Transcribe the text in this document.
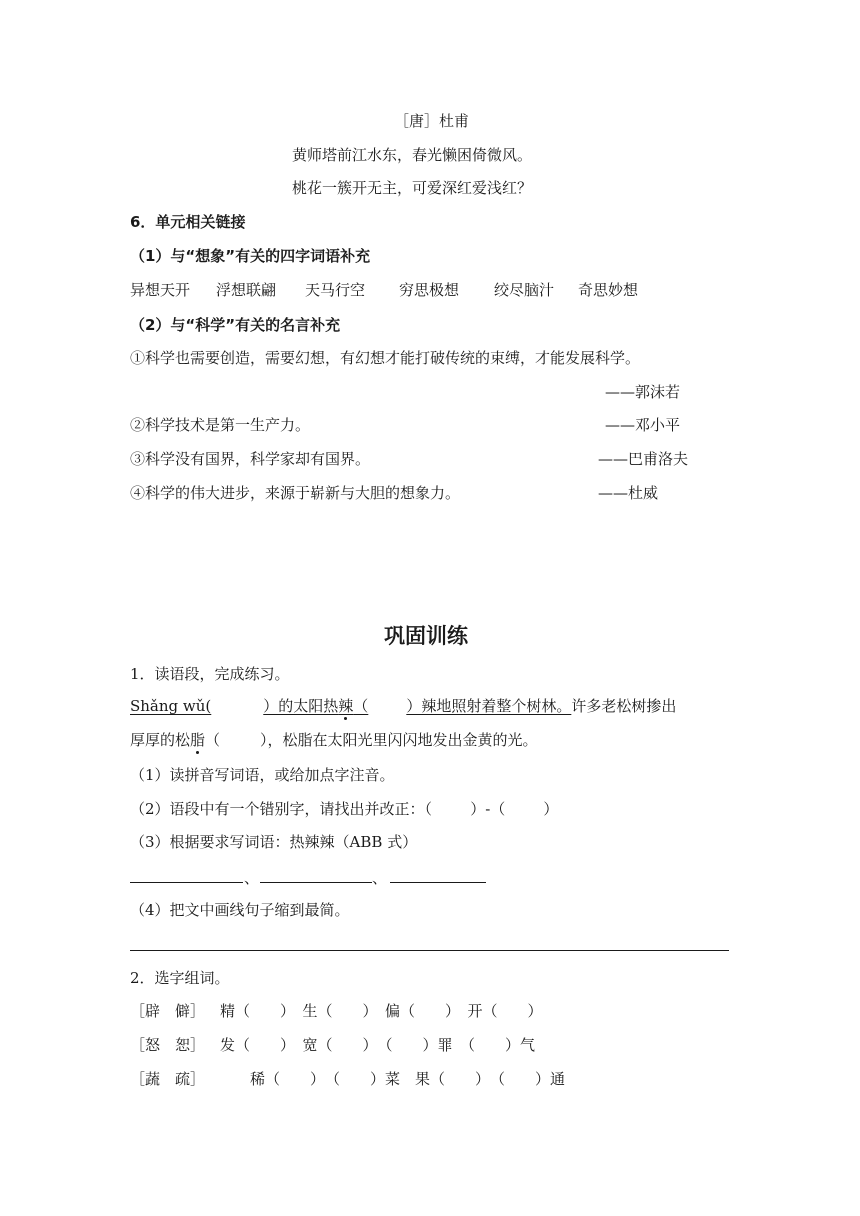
［唐］杜甫
黄师塔前江水东，春光懒困倚微风。
桃花一簇开无主，可爱深红爱浅红？
6．单元相关链接
（1）与“想象”有关的四字词语补充
异想天开 浮想联翩 天马行空 穷思极想 绞尽脑汁 奇思妙想
（2）与“科学”有关的名言补充
①科学也需要创造，需要幻想，有幻想才能打破传统的束缚，才能发展科学。
——郭沫若
②科学技术是第一生产力。	——邓小平
③科学没有国界，科学家却有国界。	——巴甫洛夫
④科学的伟大进步，来源于崭新与大胆的想象力。	——杜威
巩固训练
1．读语段，完成练习。
Shǎng wǔ(	）的太阳热辣（	）辣地照射着整个树林。许多老松树掺出
厚厚的松脂（	），松脂在太阳光里闪闪地发出金黄的光。
（1）读拼音写词语，或给加点字注音。
（2）语段中有一个错别字，请找出并改正：（        ）-（        ）
（3）根据要求写词语：热辣辣（ABB 式）
、	、
（4）把文中画线句子缩到最简。
2．选字组词。
［辟　僻］ 精（　　）　生（　　）　偏（　　）　开（　　）
［怒　恕］ 发（　　）　宽（　　）　（　　）罪　（　　）气
［蔬　疏］	稀（　　）　（　　）菜　果（　　）　（　　）通
